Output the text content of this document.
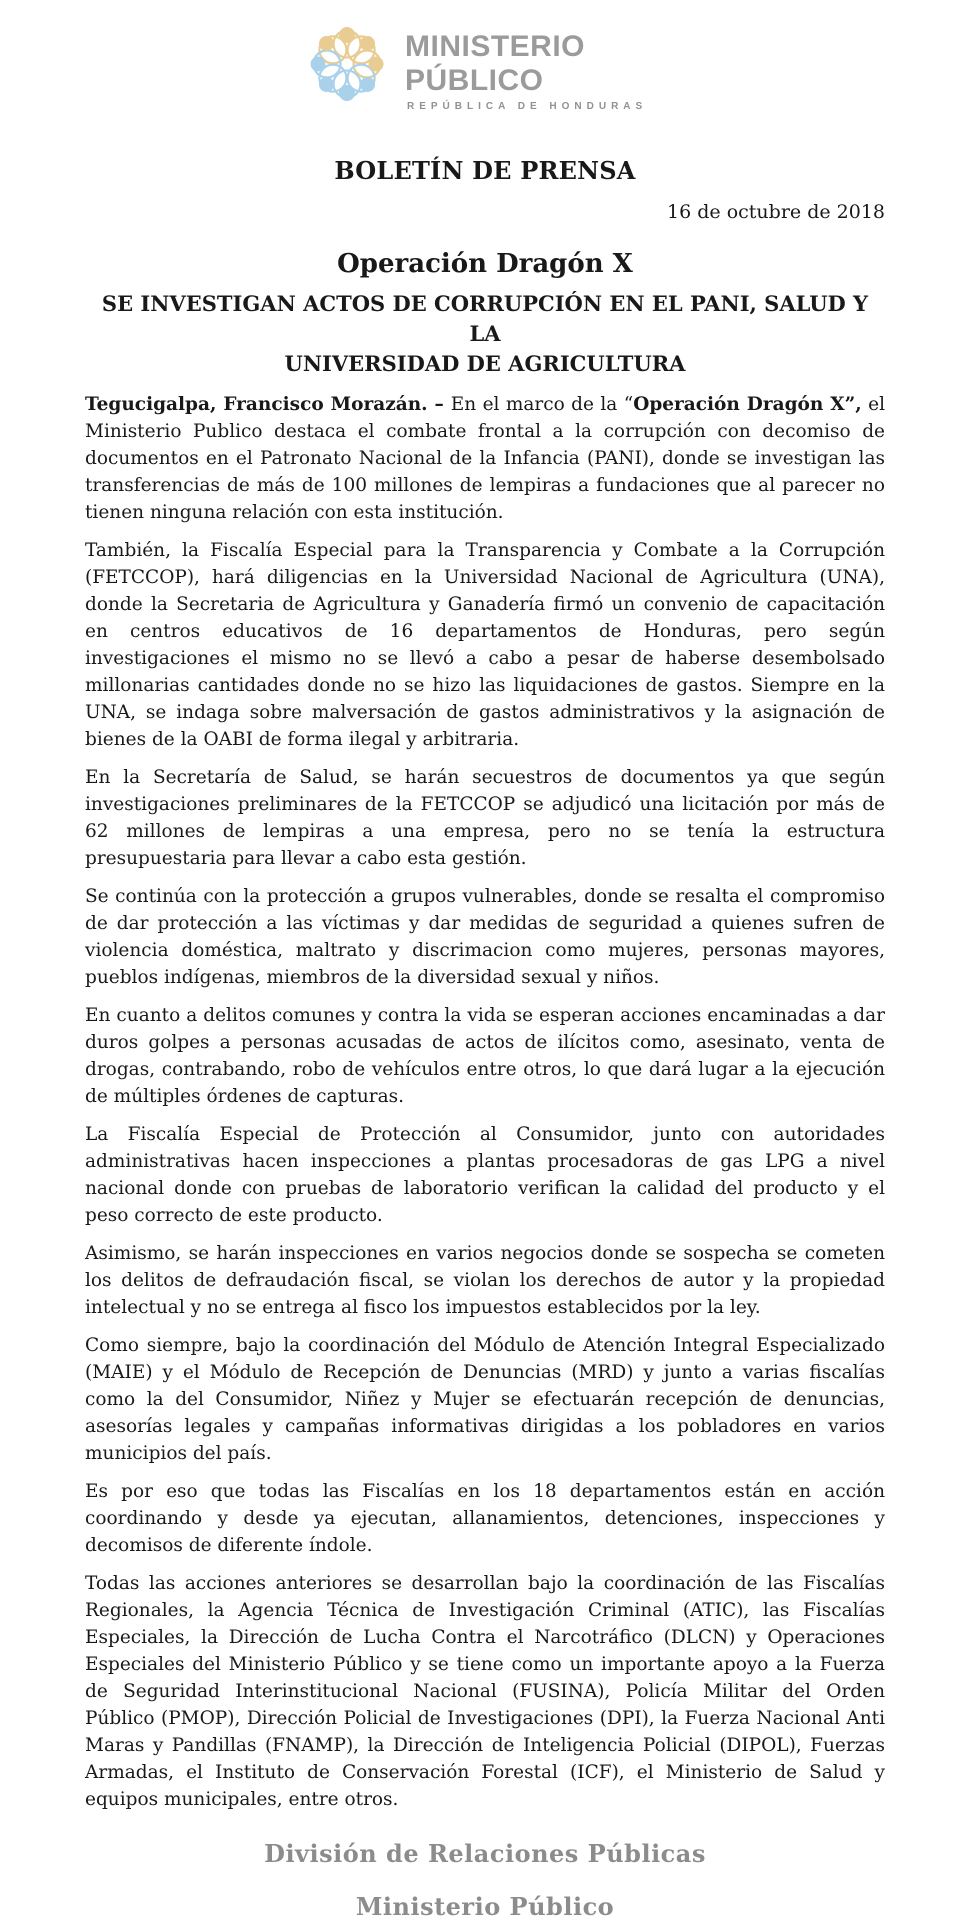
MINISTERIO
PÚBLICO
REPÚBLICA DE HONDURAS
BOLETÍN DE PRENSA
16 de octubre de 2018
Operación Dragón X
SE INVESTIGAN ACTOS DE CORRUPCIÓN EN EL PANI, SALUD Y LA
UNIVERSIDAD DE AGRICULTURA

Tegucigalpa, Francisco Morazán. – En el marco de la “Operación Dragón X”, el Ministerio Publico destaca el combate frontal a la corrupción con decomiso de documentos en el Patronato Nacional de la Infancia (PANI), donde se investigan las transferencias de más de 100 millones de lempiras a fundaciones que al parecer no tienen ninguna relación con esta institución.

También, la Fiscalía Especial para la Transparencia y Combate a la Corrupción (FETCCOP), hará diligencias en la Universidad Nacional de Agricultura (UNA), donde la Secretaria de Agricultura y Ganadería firmó un convenio de capacitación en centros educativos de 16 departamentos de Honduras, pero según investigaciones el mismo no se llevó a cabo a pesar de haberse desembolsado millonarias cantidades donde no se hizo las liquidaciones de gastos. Siempre en la UNA, se indaga sobre malversación de gastos administrativos y la asignación de bienes de la OABI de forma ilegal y arbitraria.

En la Secretaría de Salud, se harán secuestros de documentos ya que según investigaciones preliminares de la FETCCOP se adjudicó una licitación por más de 62 millones de lempiras a una empresa, pero no se tenía la estructura presupuestaria para llevar a cabo esta gestión.

Se continúa con la protección a grupos vulnerables, donde se resalta el compromiso de dar protección a las víctimas y dar medidas de seguridad a quienes sufren de violencia doméstica, maltrato y discrimacion como mujeres, personas mayores, pueblos indígenas, miembros de la diversidad sexual y niños.

En cuanto a delitos comunes y contra la vida se esperan acciones encaminadas a dar duros golpes a personas acusadas de actos de ilícitos como, asesinato, venta de drogas, contrabando, robo de vehículos entre otros, lo que dará lugar a la ejecución de múltiples órdenes de capturas.

La Fiscalía Especial de Protección al Consumidor, junto con autoridades administrativas hacen inspecciones a plantas procesadoras de gas LPG a nivel nacional donde con pruebas de laboratorio verifican la calidad del producto y el peso correcto de este producto.

Asimismo, se harán inspecciones en varios negocios donde se sospecha se cometen los delitos de defraudación fiscal, se violan los derechos de autor y la propiedad intelectual y no se entrega al fisco los impuestos establecidos por la ley.

Como siempre, bajo la coordinación del Módulo de Atención Integral Especializado (MAIE) y el Módulo de Recepción de Denuncias (MRD) y junto a varias fiscalías como la del Consumidor, Niñez y Mujer se efectuarán recepción de denuncias, asesorías legales y campañas informativas dirigidas a los pobladores en varios municipios del país.

Es por eso que todas las Fiscalías en los 18 departamentos están en acción coordinando y desde ya ejecutan, allanamientos, detenciones, inspecciones y decomisos de diferente índole.

Todas las acciones anteriores se desarrollan bajo la coordinación de las Fiscalías Regionales, la Agencia Técnica de Investigación Criminal (ATIC), las Fiscalías Especiales, la Dirección de Lucha Contra el Narcotráfico (DLCN) y Operaciones Especiales del Ministerio Público y se tiene como un importante apoyo a la Fuerza de Seguridad Interinstitucional Nacional (FUSINA), Policía Militar del Orden Público (PMOP), Dirección Policial de Investigaciones (DPI), la Fuerza Nacional Anti Maras y Pandillas (FNAMP), la Dirección de Inteligencia Policial (DIPOL), Fuerzas Armadas, el Instituto de Conservación Forestal (ICF), el Ministerio de Salud y equipos municipales, entre otros.

División de Relaciones Públicas
Ministerio Público
